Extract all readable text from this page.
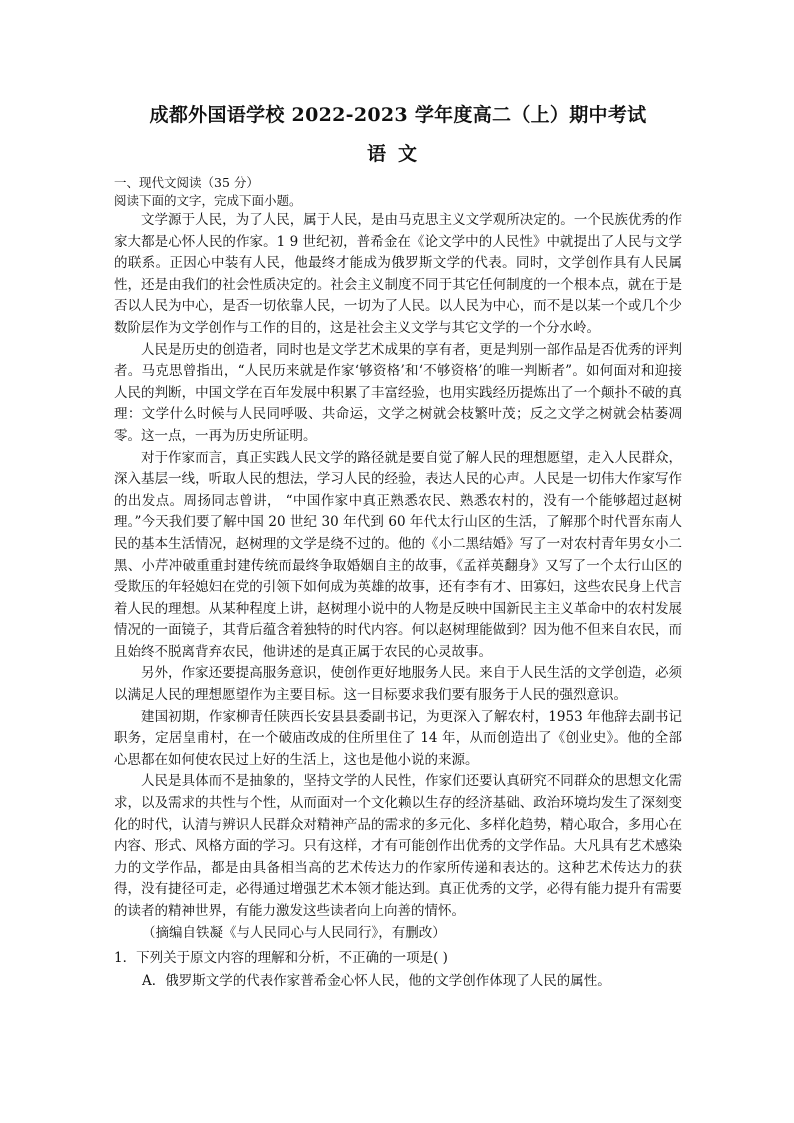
成都外国语学校 2022-2023 学年度高二（上）期中考试
语文

一、现代文阅读（35 分）

阅读下面的文字，完成下面小题。

文学源于人民，为了人民，属于人民，是由马克思主义文学观所决定的。一个民族优秀的作家大都是心怀人民的作家。1 9 世纪初，普希金在《论文学中的人民性》中就提出了人民与文学的联系。正因心中装有人民，他最终才能成为俄罗斯文学的代表。同时，文学创作具有人民属性，还是由我们的社会性质决定的。社会主义制度不同于其它任何制度的一个根本点，就在于是否以人民为中心，是否一切依靠人民，一切为了人民。以人民为中心，而不是以某一个或几个少数阶层作为文学创作与工作的目的，这是社会主义文学与其它文学的一个分水岭。

人民是历史的创造者，同时也是文学艺术成果的享有者，更是判别一部作品是否优秀的评判者。马克思曾指出，“人民历来就是作家‘够资格’和‘不够资格’的唯一判断者”。如何面对和迎接人民的判断，中国文学在百年发展中积累了丰富经验，也用实践经历提炼出了一个颠扑不破的真理：文学什么时候与人民同呼吸、共命运，文学之树就会枝繁叶茂；反之文学之树就会枯萎凋零。这一点，一再为历史所证明。

对于作家而言，真正实践人民文学的路径就是要自觉了解人民的理想愿望，走入人民群众，深入基层一线，听取人民的想法，学习人民的经验，表达人民的心声。人民是一切伟大作家写作的出发点。周扬同志曾讲， “中国作家中真正熟悉农民、熟悉农村的，没有一个能够超过赵树理。”今天我们要了解中国 20 世纪 30 年代到 60 年代太行山区的生活，了解那个时代晋东南人民的基本生活情况，赵树理的文学是绕不过的。他的《小二黑结婚》写了一对农村青年男女小二黑、小芹冲破重重封建传统而最终争取婚姻自主的故事，《孟祥英翻身》又写了一个太行山区的受欺压的年轻媳妇在党的引领下如何成为英雄的故事，还有李有才、田寡妇，这些农民身上代言着人民的理想。从某种程度上讲，赵树理小说中的人物是反映中国新民主主义革命中的农村发展情况的一面镜子，其背后蕴含着独特的时代内容。何以赵树理能做到？因为他不但来自农民，而且始终不脱离背弃农民，他讲述的是真正属于农民的心灵故事。

另外，作家还要提高服务意识，使创作更好地服务人民。来自于人民生活的文学创造，必须以满足人民的理想愿望作为主要目标。这一目标要求我们要有服务于人民的强烈意识。

建国初期，作家柳青任陕西长安县县委副书记，为更深入了解农村，1953 年他辞去副书记职务，定居皇甫村，在一个破庙改成的住所里住了 14 年，从而创造出了《创业史》。他的全部心思都在如何使农民过上好的生活上，这也是他小说的来源。

人民是具体而不是抽象的，坚持文学的人民性，作家们还要认真研究不同群众的思想文化需求，以及需求的共性与个性，从而面对一个文化赖以生存的经济基础、政治环境均发生了深刻变化的时代，认清与辨识人民群众对精神产品的需求的多元化、多样化趋势，精心取合，多用心在内容、形式、风格方面的学习。只有这样，才有可能创作出优秀的文学作品。大凡具有艺术感染力的文学作品，都是由具备相当高的艺术传达力的作家所传递和表达的。这种艺术传达力的获得，没有捷径可走，必得通过增强艺术本领才能达到。真正优秀的文学，必得有能力提升有需要的读者的精神世界，有能力激发这些读者向上向善的情怀。

（摘编自铁凝《与人民同心与人民同行》，有删改）

1．下列关于原文内容的理解和分析，不正确的一项是( )

A．俄罗斯文学的代表作家普希金心怀人民，他的文学创作体现了人民的属性。
